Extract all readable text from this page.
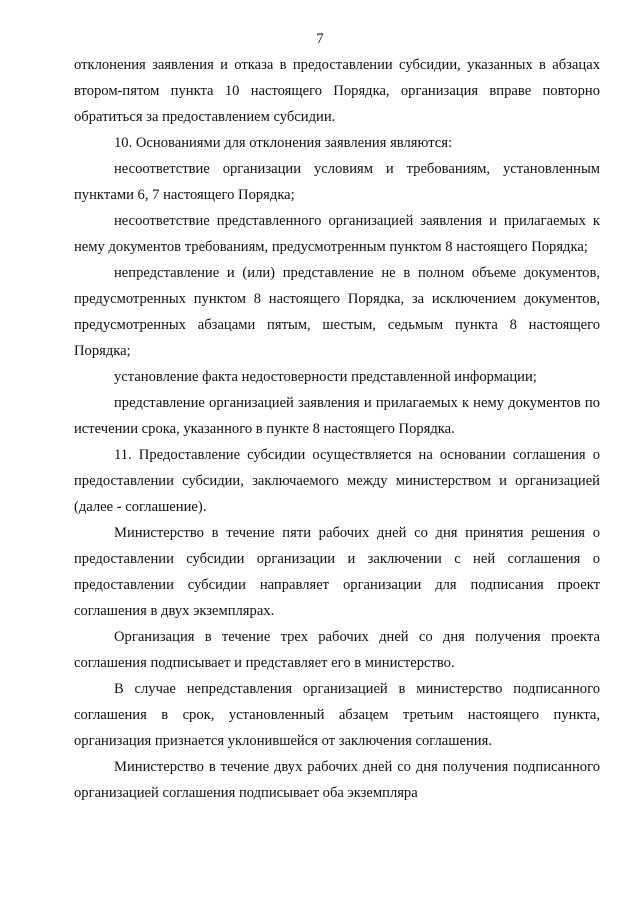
7

отклонения заявления и отказа в предоставлении субсидии, указанных в абзацах втором-пятом пункта 10 настоящего Порядка, организация вправе повторно обратиться за предоставлением субсидии.

10. Основаниями для отклонения заявления являются:

несоответствие организации условиям и требованиям, установленным пунктами 6, 7 настоящего Порядка;

несоответствие представленного организацией заявления и прилагаемых к нему документов требованиям, предусмотренным пунктом 8 настоящего Порядка;

непредставление и (или) представление не в полном объеме документов, предусмотренных пунктом 8 настоящего Порядка, за исключением документов, предусмотренных абзацами пятым, шестым, седьмым пункта 8 настоящего Порядка;

установление факта недостоверности представленной информации;

представление организацией заявления и прилагаемых к нему документов по истечении срока, указанного в пункте 8 настоящего Порядка.

11. Предоставление субсидии осуществляется на основании соглашения о предоставлении субсидии, заключаемого между министерством и организацией (далее - соглашение).

Министерство в течение пяти рабочих дней со дня принятия решения о предоставлении субсидии организации и заключении с ней соглашения о предоставлении субсидии направляет организации для подписания проект соглашения в двух экземплярах.

Организация в течение трех рабочих дней со дня получения проекта соглашения подписывает и представляет его в министерство.

В случае непредставления организацией в министерство подписанного соглашения в срок, установленный абзацем третьим настоящего пункта, организация признается уклонившейся от заключения соглашения.

Министерство в течение двух рабочих дней со дня получения подписанного организацией соглашения подписывает оба экземпляра
